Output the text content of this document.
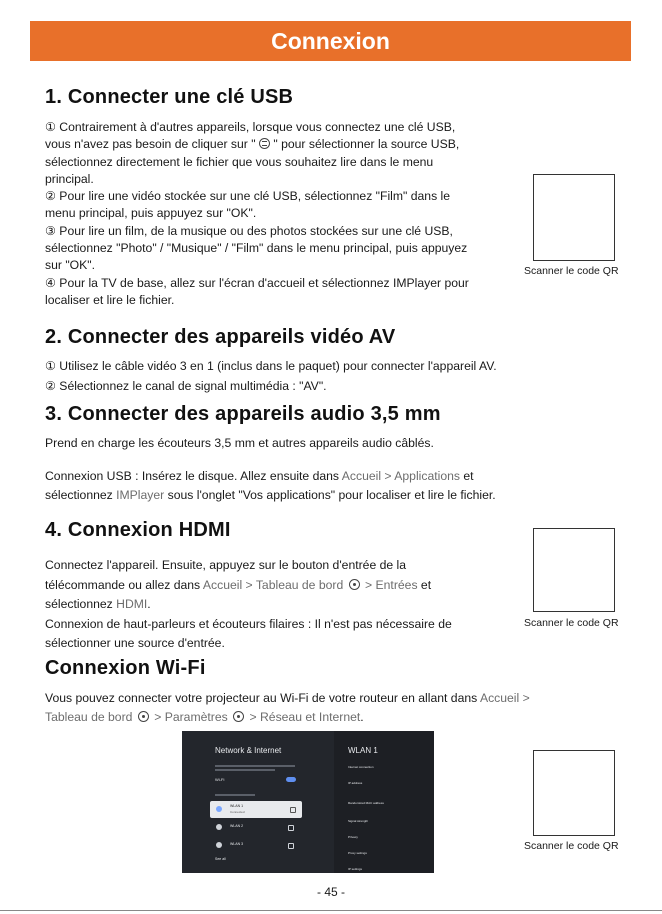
Connexion
1. Connecter une clé USB
① Contrairement à d'autres appareils, lorsque vous connectez une clé USB,
vous n'avez pas besoin de cliquer sur "  " pour sélectionner la source USB,
sélectionnez directement le fichier que vous souhaitez lire dans le menu
principal.
② Pour lire une vidéo stockée sur une clé USB, sélectionnez "Film" dans le
menu principal, puis appuyez sur "OK".
③ Pour lire un film, de la musique ou des photos stockées sur une clé USB,
sélectionnez "Photo" / "Musique" / "Film" dans le menu principal, puis appuyez
sur "OK".
④ Pour la TV de base, allez sur l'écran d'accueil et sélectionnez IMPlayer pour
localiser et lire le fichier.
Scanner le code QR
2. Connecter des appareils vidéo AV
① Utilisez le câble vidéo 3 en 1 (inclus dans le paquet) pour connecter l'appareil AV.
② Sélectionnez le canal de signal multimédia : "AV".
3. Connecter des appareils audio 3,5 mm
Prend en charge les écouteurs 3,5 mm et autres appareils audio câblés.
Connexion USB : Insérez le disque. Allez ensuite dans Accueil > Applications et
sélectionnez IMPlayer sous l'onglet "Vos applications" pour localiser et lire le fichier.
4. Connexion HDMI
Connectez l'appareil. Ensuite, appuyez sur le bouton d'entrée de la
télécommande ou allez dans Accueil > Tableau de bord  > Entrées et
sélectionnez HDMI.
Connexion de haut-parleurs et écouteurs filaires : Il n'est pas nécessaire de
sélectionner une source d'entrée.
Scanner le code QR
Connexion Wi-Fi
Vous pouvez connecter votre projecteur au Wi-Fi de votre routeur en allant dans Accueil >
Tableau de bord  > Paramètres  > Réseau et Internet.
Network & Internet
Wi-Fi
WLAN 1
Connected
WLAN 2
WLAN 3
See all
WLAN 1
Internet connection
IP address
Randomized MAC address
Signal strength
Privacy
Proxy settings
IP settings
Scanner le code QR
- 45 -
